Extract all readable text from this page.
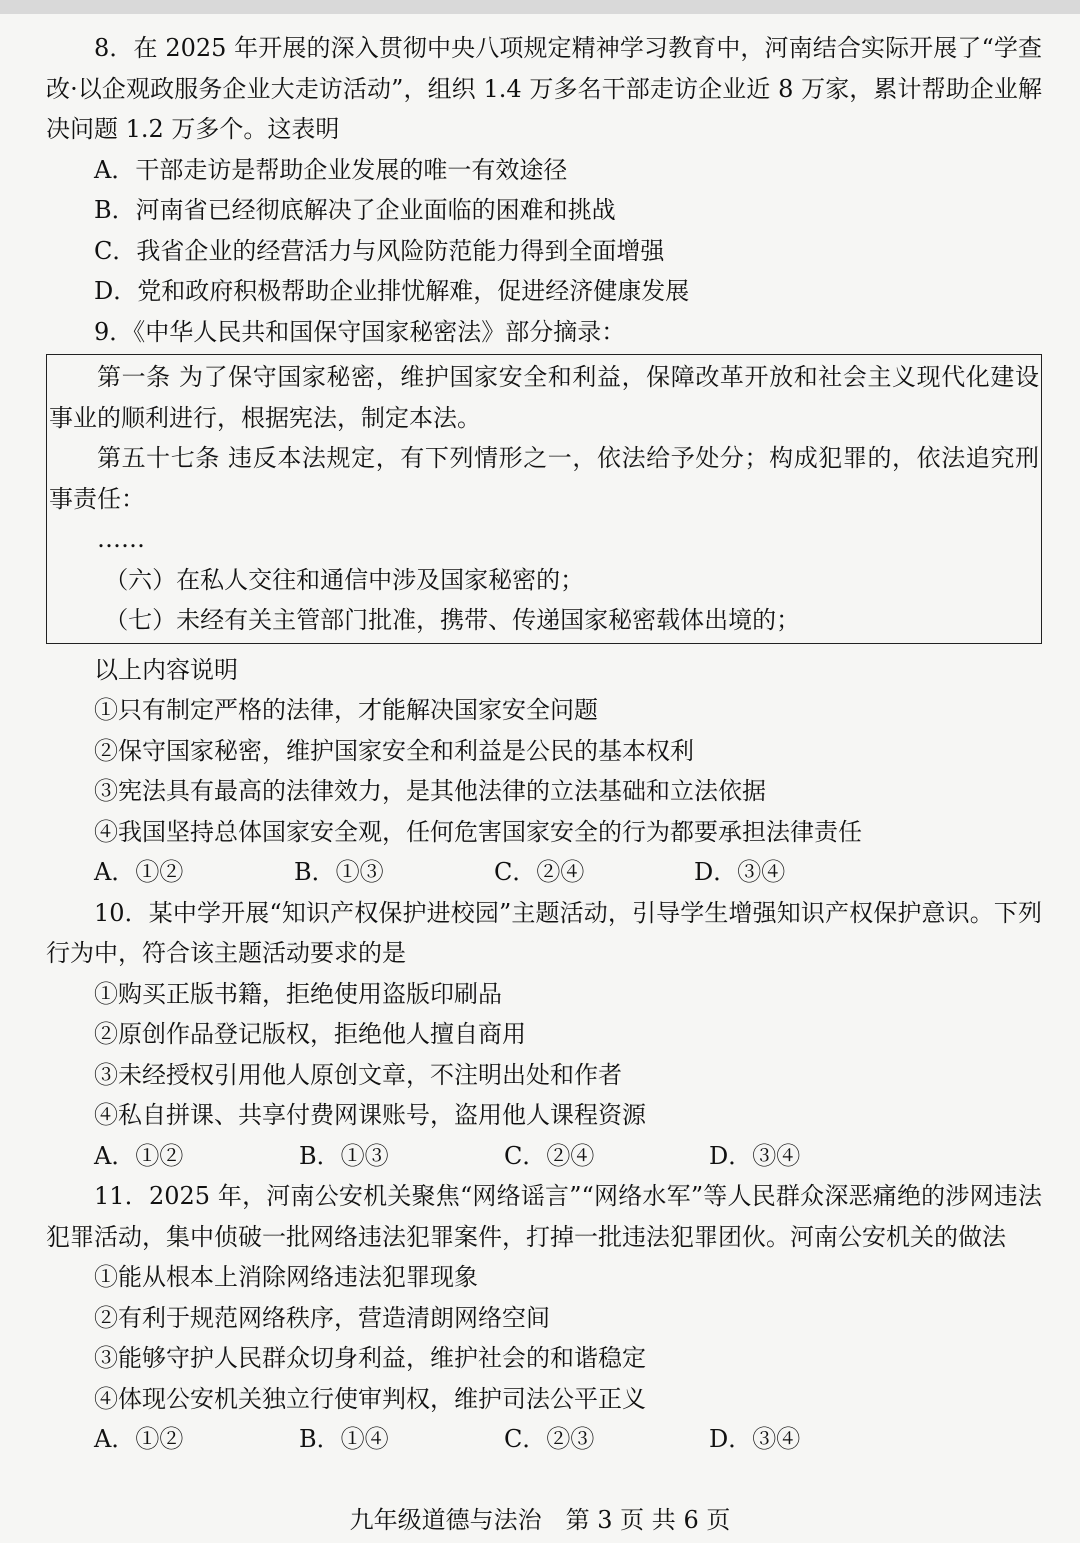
8．在 2025 年开展的深入贯彻中央八项规定精神学习教育中，河南结合实际开展了“学查改·以企观政服务企业大走访活动”，组织 1.4 万多名干部走访企业近 8 万家，累计帮助企业解决问题 1.2 万多个。这表明

A．干部走访是帮助企业发展的唯一有效途径

B．河南省已经彻底解决了企业面临的困难和挑战

C．我省企业的经营活力与风险防范能力得到全面增强

D．党和政府积极帮助企业排忧解难，促进经济健康发展

9．《中华人民共和国保守国家秘密法》部分摘录：

第一条 为了保守国家秘密，维护国家安全和利益，保障改革开放和社会主义现代化建设事业的顺利进行，根据宪法，制定本法。

第五十七条 违反本法规定，有下列情形之一，依法给予处分；构成犯罪的，依法追究刑事责任：

……

（六）在私人交往和通信中涉及国家秘密的；

（七）未经有关主管部门批准，携带、传递国家秘密载体出境的；

以上内容说明

①只有制定严格的法律，才能解决国家安全问题

②保守国家秘密，维护国家安全和利益是公民的基本权利

③宪法具有最高的法律效力，是其他法律的立法基础和立法依据

④我国坚持总体国家安全观，任何危害国家安全的行为都要承担法律责任

A．①②	B．①③	C．②④	D．③④

10．某中学开展“知识产权保护进校园”主题活动，引导学生增强知识产权保护意识。下列行为中，符合该主题活动要求的是

①购买正版书籍，拒绝使用盗版印刷品

②原创作品登记版权，拒绝他人擅自商用

③未经授权引用他人原创文章，不注明出处和作者

④私自拼课、共享付费网课账号，盗用他人课程资源

A．①②	B．①③	C．②④	D．③④

11．2025 年，河南公安机关聚焦“网络谣言”“网络水军”等人民群众深恶痛绝的涉网违法犯罪活动，集中侦破一批网络违法犯罪案件，打掉一批违法犯罪团伙。河南公安机关的做法

①能从根本上消除网络违法犯罪现象

②有利于规范网络秩序，营造清朗网络空间

③能够守护人民群众切身利益，维护社会的和谐稳定

④体现公安机关独立行使审判权，维护司法公平正义

A．①②	B．①④	C．②③	D．③④
九年级道德与法治　第 3 页 共 6 页
